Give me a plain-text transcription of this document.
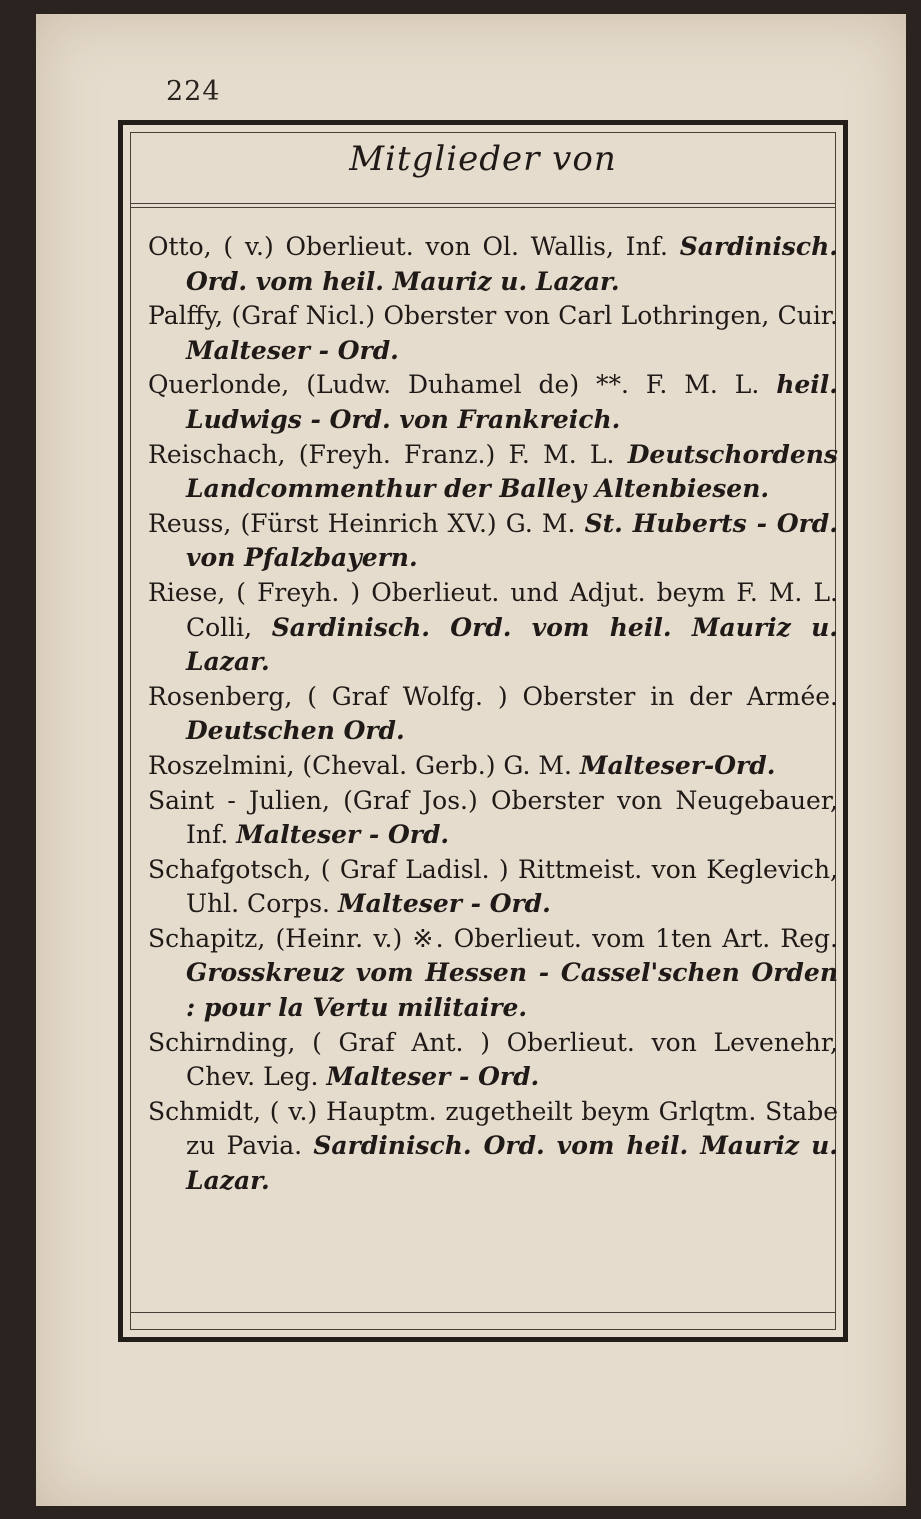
224
Mitglieder von

Otto, ( v.) Oberlieut. von Ol. Wallis, Inf. Sardinisch. Ord. vom heil. Mauriz u. Lazar.

Palffy, (Graf Nicl.) Oberster von Carl Lothringen, Cuir. Malteser - Ord.

Querlonde, (Ludw. Duhamel de) **. F. M. L. heil. Ludwigs - Ord. von Frankreich.

Reischach, (Freyh. Franz.) F. M. L. Deutschordens Landcommenthur der Balley Altenbiesen.

Reuss, (Fürst Heinrich XV.) G. M. St. Huberts - Ord. von Pfalzbayern.

Riese, ( Freyh. ) Oberlieut. und Adjut. beym F. M. L. Colli, Sardinisch. Ord. vom heil. Mauriz u. Lazar.

Rosenberg, ( Graf Wolfg. ) Oberster in der Armée. Deutschen Ord.

Roszelmini, (Cheval. Gerb.) G. M. Malteser-Ord.

Saint - Julien, (Graf Jos.) Oberster von Neugebauer, Inf. Malteser - Ord.

Schafgotsch, ( Graf Ladisl. ) Rittmeist. von Keglevich, Uhl. Corps. Malteser - Ord.

Schapitz, (Heinr. v.) ※. Oberlieut. vom 1ten Art. Reg. Grosskreuz vom Hessen - Cassel'schen Orden : pour la Vertu militaire.

Schirnding, ( Graf Ant. ) Oberlieut. von Levenehr, Chev. Leg. Malteser - Ord.

Schmidt, ( v.) Hauptm. zugetheilt beym Grlqtm. Stabe zu Pavia. Sardinisch. Ord. vom heil. Mauriz u. Lazar.
